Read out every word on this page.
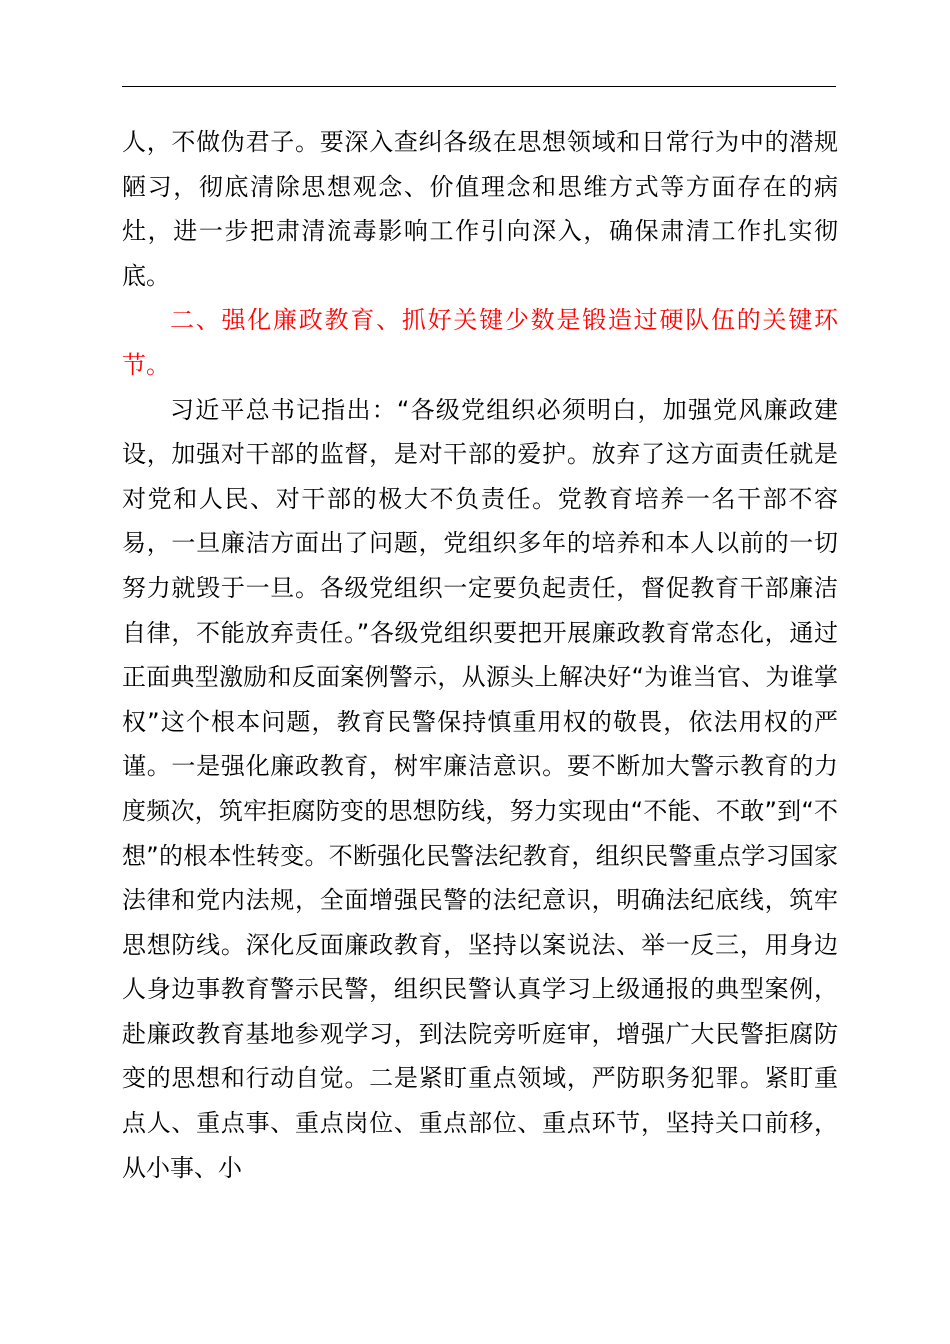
人，不做伪君子。要深入查纠各级在思想领域和日常行为中的潜规陋习，彻底清除思想观念、价值理念和思维方式等方面存在的病灶，进一步把肃清流毒影响工作引向深入，确保肃清工作扎实彻底。

二、强化廉政教育、抓好关键少数是锻造过硬队伍的关键环节。

习近平总书记指出：“各级党组织必须明白，加强党风廉政建设，加强对干部的监督，是对干部的爱护。放弃了这方面责任就是对党和人民、对干部的极大不负责任。党教育培养一名干部不容易，一旦廉洁方面出了问题，党组织多年的培养和本人以前的一切努力就毁于一旦。各级党组织一定要负起责任，督促教育干部廉洁自律，不能放弃责任。”各级党组织要把开展廉政教育常态化，通过正面典型激励和反面案例警示，从源头上解决好“为谁当官、为谁掌权”这个根本问题，教育民警保持慎重用权的敬畏，依法用权的严谨。一是强化廉政教育，树牢廉洁意识。要不断加大警示教育的力度频次，筑牢拒腐防变的思想防线，努力实现由“不能、不敢”到“不想”的根本性转变。不断强化民警法纪教育，组织民警重点学习国家法律和党内法规，全面增强民警的法纪意识，明确法纪底线，筑牢思想防线。深化反面廉政教育，坚持以案说法、举一反三，用身边人身边事教育警示民警，组织民警认真学习上级通报的典型案例，赴廉政教育基地参观学习，到法院旁听庭审，增强广大民警拒腐防变的思想和行动自觉。二是紧盯重点领域，严防职务犯罪。紧盯重点人、重点事、重点岗位、重点部位、重点环节，坚持关口前移，从小事、小
